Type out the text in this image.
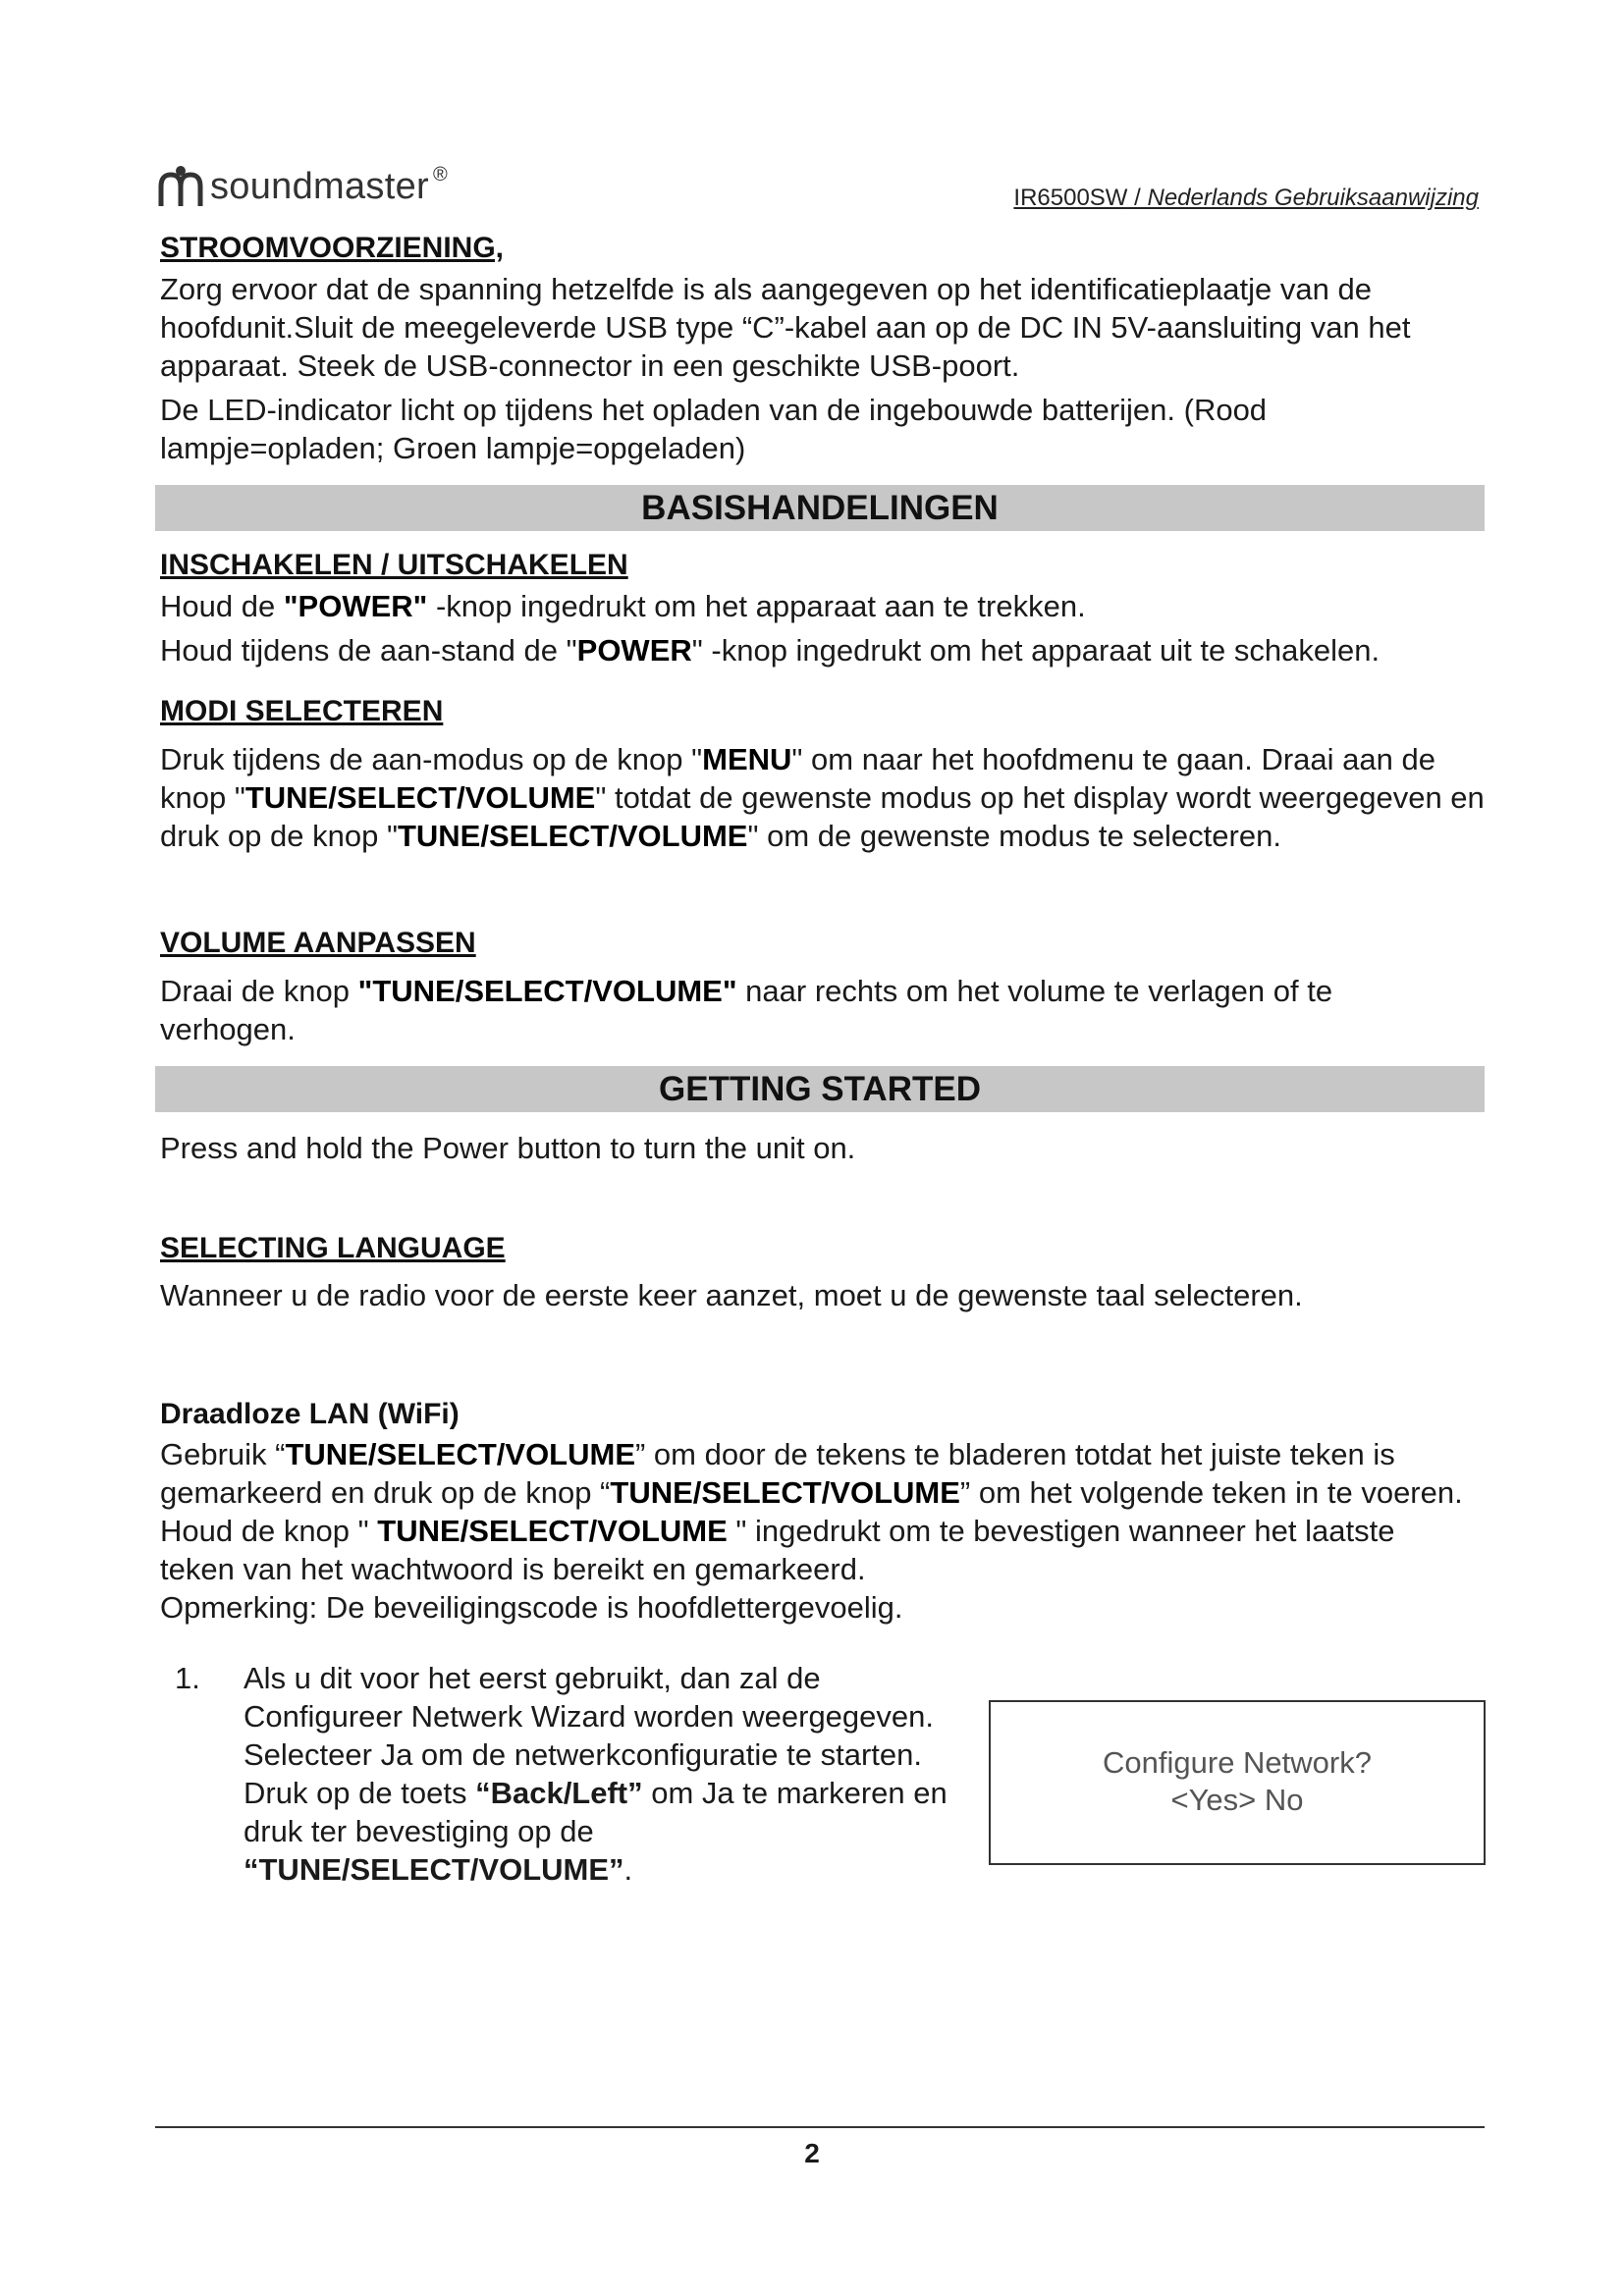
soundmaster ®
IR6500SW / Nederlands Gebruiksaanwijzing
STROOMVOORZIENING,
Zorg ervoor dat de spanning hetzelfde is als aangegeven op het identificatieplaatje van de hoofdunit.Sluit de meegeleverde USB type “C”-kabel aan op de DC IN 5V-aansluiting van het apparaat. Steek de USB-connector in een geschikte USB-poort.
De LED-indicator licht op tijdens het opladen van de ingebouwde batterijen. (Rood lampje=opladen; Groen lampje=opgeladen)
BASISHANDELINGEN
INSCHAKELEN / UITSCHAKELEN
Houd de "POWER" -knop ingedrukt om het apparaat aan te trekken.
Houd tijdens de aan-stand de "POWER" -knop ingedrukt om het apparaat uit te schakelen.
MODI SELECTEREN
Druk tijdens de aan-modus op de knop "MENU" om naar het hoofdmenu te gaan. Draai aan de knop "TUNE/SELECT/VOLUME" totdat de gewenste modus op het display wordt weergegeven en druk op de knop "TUNE/SELECT/VOLUME" om de gewenste modus te selecteren.
VOLUME AANPASSEN
Draai de knop "TUNE/SELECT/VOLUME" naar rechts om het volume te verlagen of te verhogen.
GETTING STARTED
Press and hold the Power button to turn the unit on.
SELECTING LANGUAGE
Wanneer u de radio voor de eerste keer aanzet, moet u de gewenste taal selecteren.
Draadloze LAN (WiFi)
Gebruik “TUNE/SELECT/VOLUME” om door de tekens te bladeren totdat het juiste teken is gemarkeerd en druk op de knop “TUNE/SELECT/VOLUME” om het volgende teken in te voeren. Houd de knop " TUNE/SELECT/VOLUME " ingedrukt om te bevestigen wanneer het laatste teken van het wachtwoord is bereikt en gemarkeerd.
Opmerking: De beveiligingscode is hoofdlettergevoelig.
1. Als u dit voor het eerst gebruikt, dan zal de Configureer Netwerk Wizard worden weergegeven. Selecteer Ja om de netwerkconfiguratie te starten. Druk op de toets “Back/Left” om Ja te markeren en druk ter bevestiging op de “TUNE/SELECT/VOLUME”.
Configure Network?
<Yes> No
2
